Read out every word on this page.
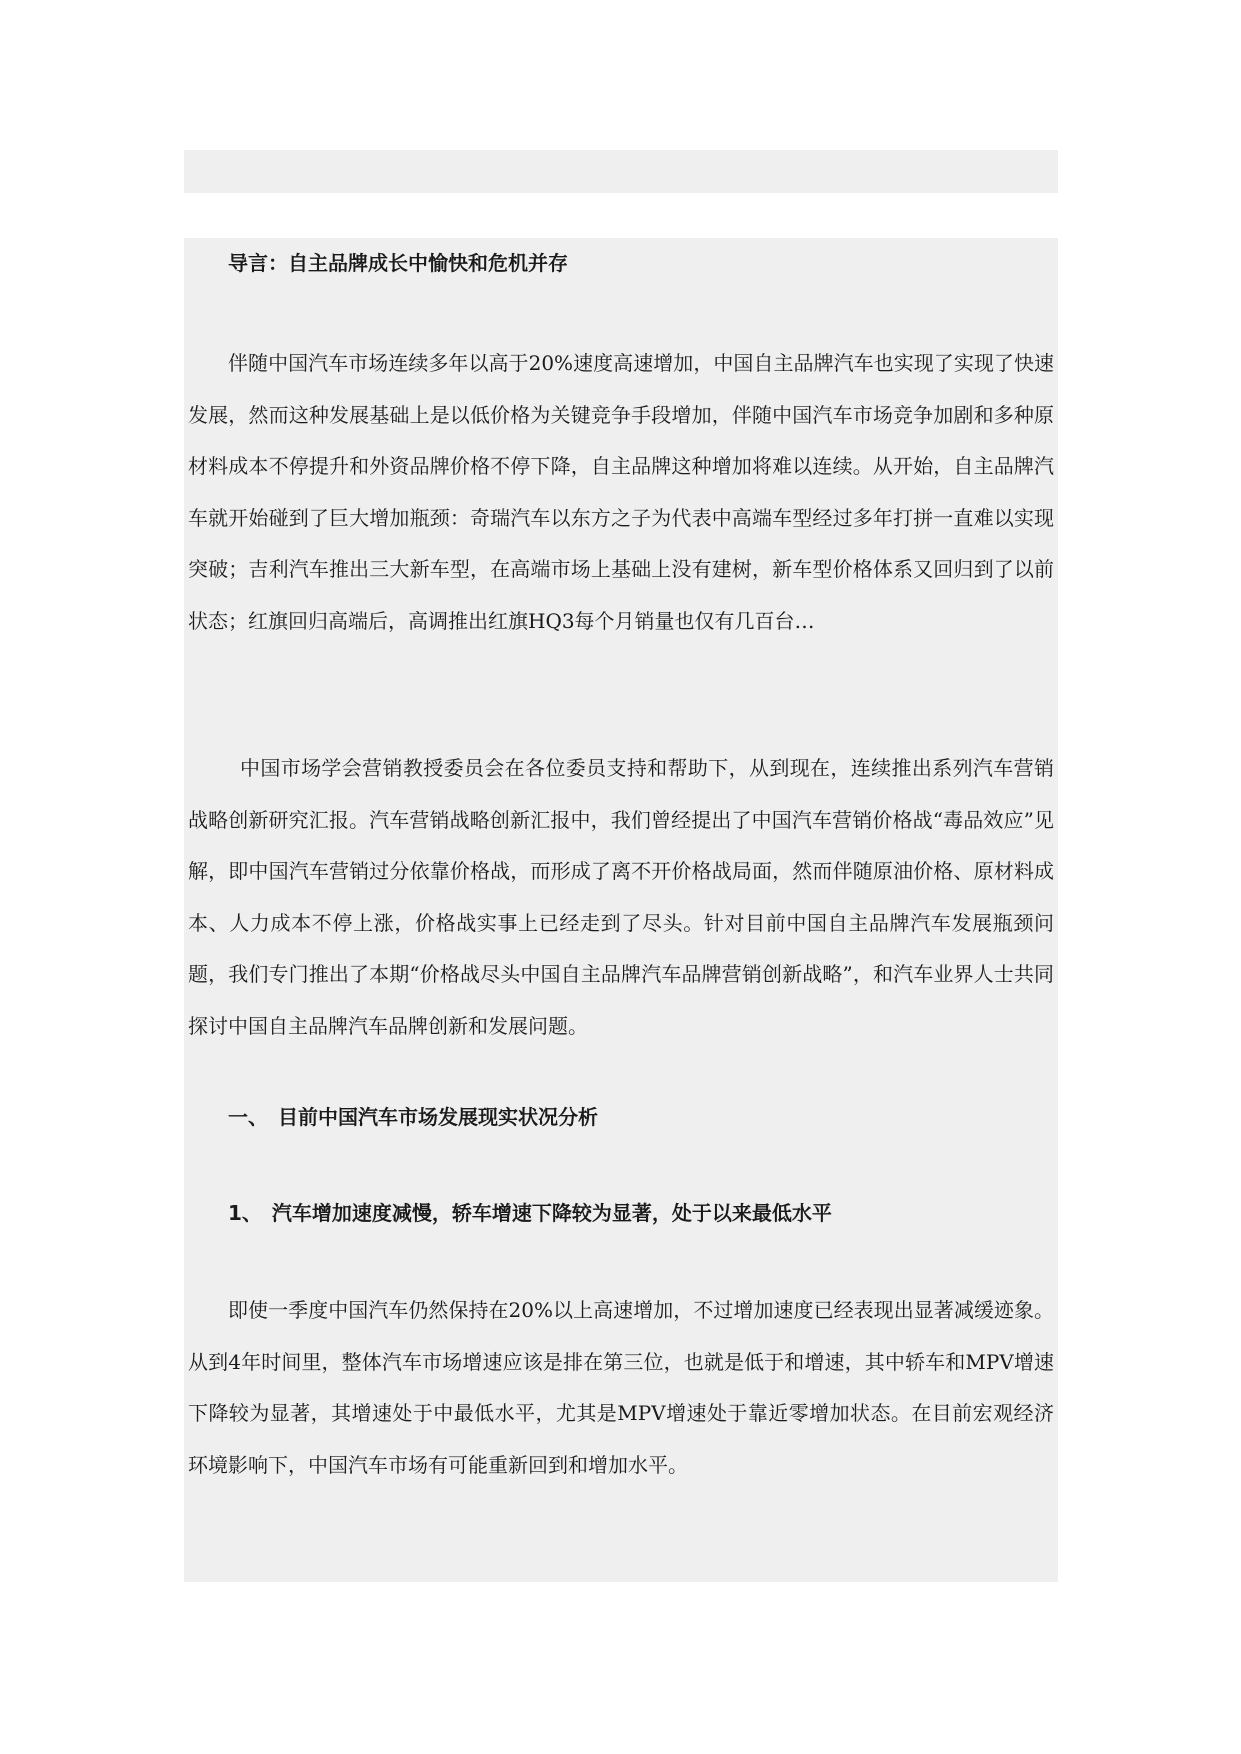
导言：自主品牌成长中愉快和危机并存

伴随中国汽车市场连续多年以高于20%速度高速增加，中国自主品牌汽车也实现了实现了快速发展，然而这种发展基础上是以低价格为关键竞争手段增加，伴随中国汽车市场竞争加剧和多种原材料成本不停提升和外资品牌价格不停下降，自主品牌这种增加将难以连续。从开始，自主品牌汽车就开始碰到了巨大增加瓶颈：奇瑞汽车以东方之子为代表中高端车型经过多年打拼一直难以实现突破；吉利汽车推出三大新车型，在高端市场上基础上没有建树，新车型价格体系又回归到了以前状态；红旗回归高端后，高调推出红旗HQ3每个月销量也仅有几百台…

中国市场学会营销教授委员会在各位委员支持和帮助下，从到现在，连续推出系列汽车营销战略创新研究汇报。汽车营销战略创新汇报中，我们曾经提出了中国汽车营销价格战“毒品效应”见解，即中国汽车营销过分依靠价格战，而形成了离不开价格战局面，然而伴随原油价格、原材料成本、人力成本不停上涨，价格战实事上已经走到了尽头。针对目前中国自主品牌汽车发展瓶颈问题，我们专门推出了本期“价格战尽头中国自主品牌汽车品牌营销创新战略”，和汽车业界人士共同探讨中国自主品牌汽车品牌创新和发展问题。

一、　目前中国汽车市场发展现实状况分析
1、　汽车增加速度减慢，轿车增速下降较为显著，处于以来最低水平

即使一季度中国汽车仍然保持在20%以上高速增加，不过增加速度已经表现出显著减缓迹象。从到4年时间里，整体汽车市场增速应该是排在第三位，也就是低于和增速，其中轿车和MPV增速下降较为显著，其增速处于中最低水平，尤其是MPV增速处于靠近零增加状态。在目前宏观经济环境影响下，中国汽车市场有可能重新回到和增加水平。
